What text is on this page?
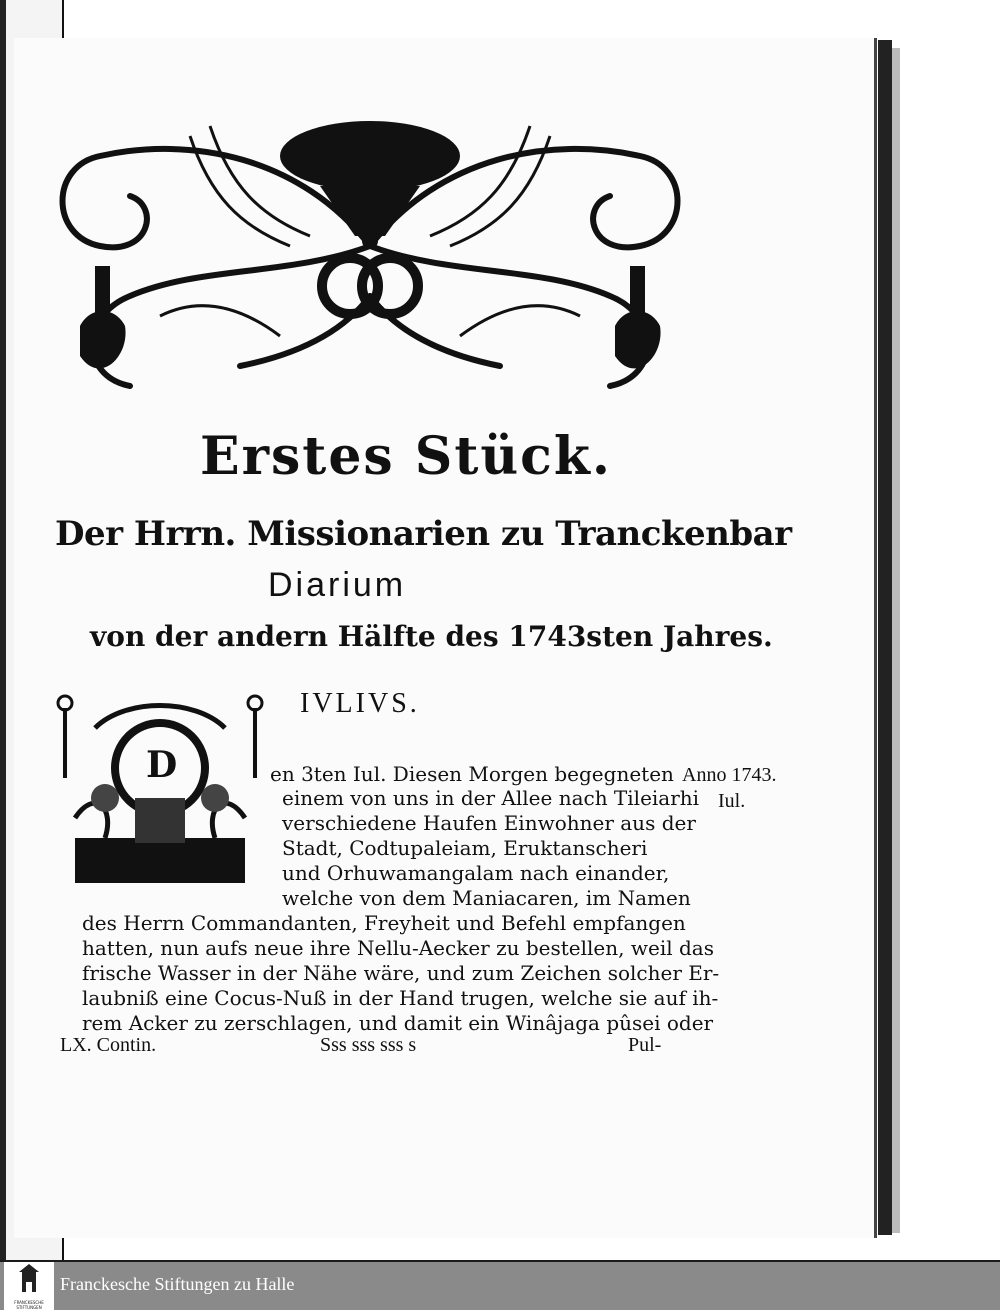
Erstes Stück.
Der Hrrn. Missionarien zu Tranckenbar
Diarium
von der andern Hälfte des 1743sten Jahres.
IVLIVS.
D	en 3ten Iul. Diesen Morgen begegneten
einem von uns in der Allee nach Tileiarhi
verschiedene Haufen Einwohner aus der
Stadt, Codtupaleiam, Eruktanscheri
und Orhuwamangalam nach einander,
welche von dem Maniacaren, im Namen
des Herrn Commandanten, Freyheit und Befehl empfangen
hatten, nun aufs neue ihre Nellu-Aecker zu bestellen, weil das
frische Wasser in der Nähe wäre, und zum Zeichen solcher Er-
laubniß eine Cocus-Nuß in der Hand trugen, welche sie auf ih-
rem Acker zu zerschlagen, und damit ein Winâjaga pûsei oder
Anno 1743.
Iul.
LX. Contin.	Sss sss sss s	Pul-
FRANCKESCHE STIFTUNGEN
Franckesche Stiftungen zu Halle
